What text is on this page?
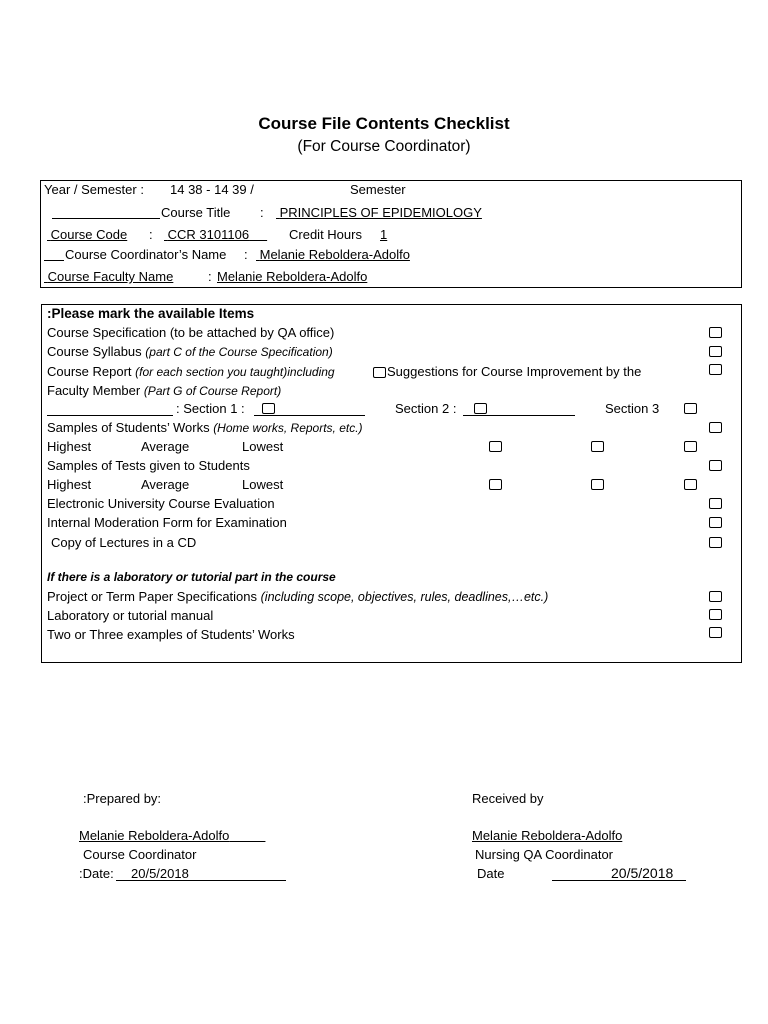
Course File Contents Checklist
(For Course Coordinator)
Year / Semester : 14 38 - 14 39 /	Semester
Course Title : PRINCIPLES OF EPIDEMIOLOGY
Course Code : CCR 3101106	Credit Hours 1
Course Coordinator’s Name : Melanie Reboldera-Adolfo
Course Faculty Name	: Melanie Reboldera-Adolfo
:Please mark the available Items
Course Specification (to be attached by QA office)
Course Syllabus (part C of the Course Specification)
Course Report (for each section you taught)including	Suggestions for Course Improvement by the
Faculty Member (Part G of Course Report)
: Section 1 :	Section 2 :	Section 3
Samples of Students’ Works (Home works, Reports, etc.)
Highest	Average	Lowest
Samples of Tests given to Students
Highest	Average	Lowest
Electronic University Course Evaluation
Internal Moderation Form for Examination
Copy of Lectures in a CD
If there is a laboratory or tutorial part in the course
Project or Term Paper Specifications (including scope, objectives, rules, deadlines,…etc.)
Laboratory or tutorial manual
Two or Three examples of Students’ Works
:Prepared by:
Melanie Reboldera-Adolfo
Course Coordinator
:Date: 20/5/2018
Received by
Melanie Reboldera-Adolfo
Nursing QA Coordinator
Date	20/5/2018
